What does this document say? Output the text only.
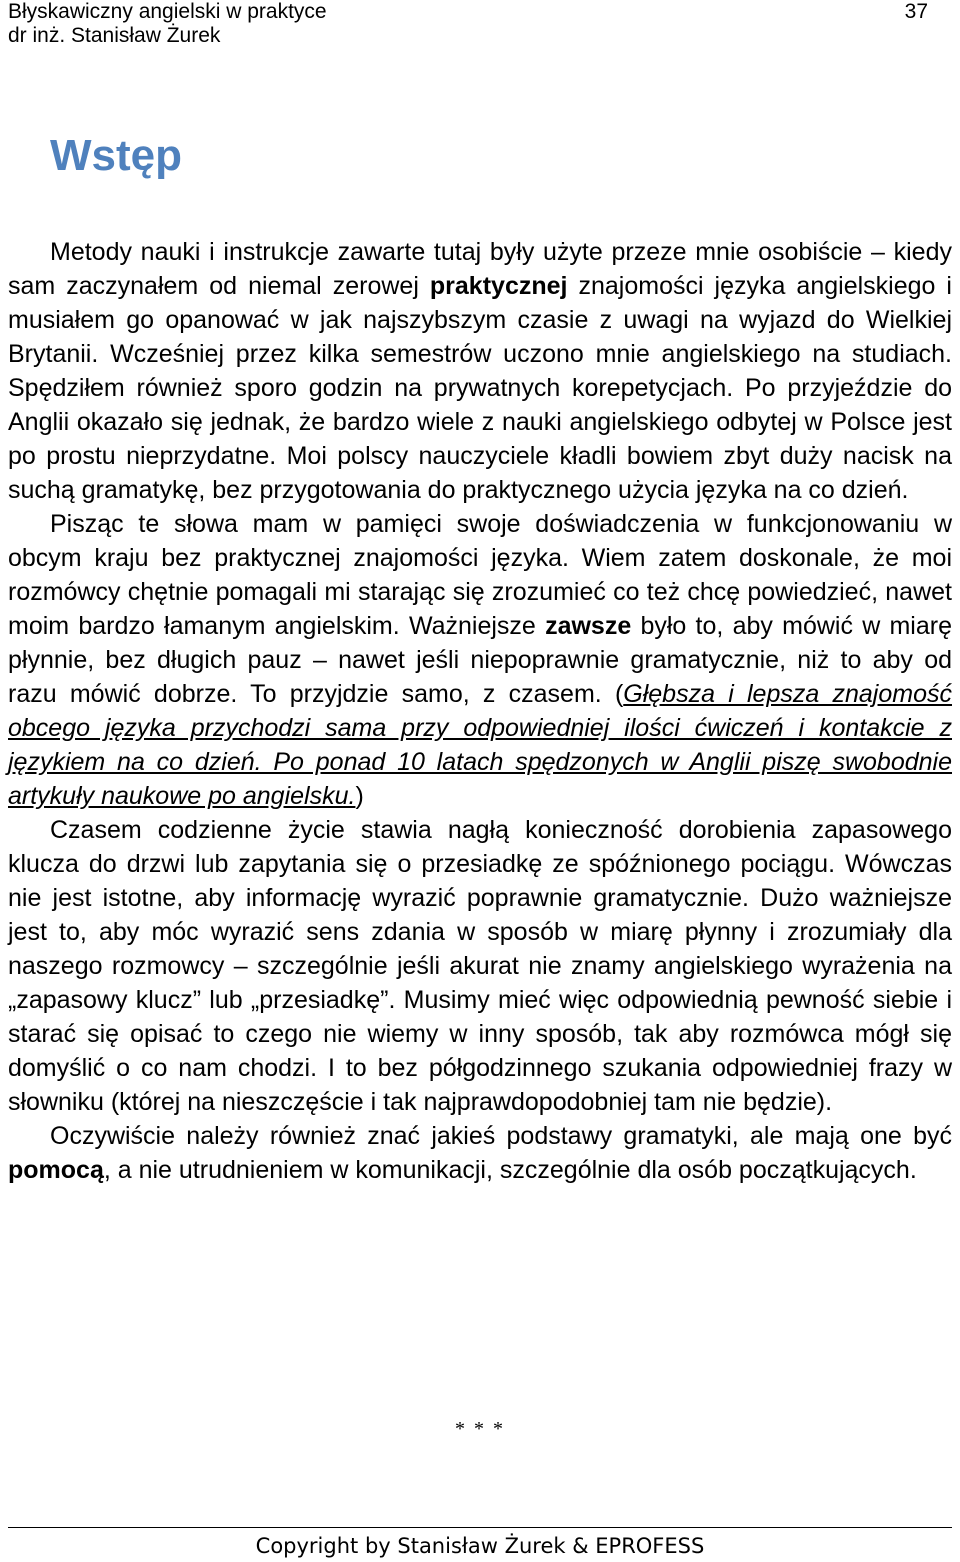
Błyskawiczny angielski w praktyce	37
dr inż. Stanisław Żurek
Wstęp

Metody nauki i instrukcje zawarte tutaj były użyte przeze mnie osobiście – kiedy sam zaczynałem od niemal zerowej praktycznej znajomości języka angielskiego i musiałem go opanować w jak najszybszym czasie z uwagi na wyjazd do Wielkiej Brytanii. Wcześniej przez kilka semestrów uczono mnie angielskiego na studiach. Spędziłem również sporo godzin na prywatnych korepetycjach. Po przyjeździe do Anglii okazało się jednak, że bardzo wiele z nauki angielskiego odbytej w Polsce jest po prostu nieprzydatne. Moi polscy nauczyciele kładli bowiem zbyt duży nacisk na suchą gramatykę, bez przygotowania do praktycznego użycia języka na co dzień.

Pisząc te słowa mam w pamięci swoje doświadczenia w funkcjonowaniu w obcym kraju bez praktycznej znajomości języka. Wiem zatem doskonale, że moi rozmówcy chętnie pomagali mi starając się zrozumieć co też chcę powiedzieć, nawet moim bardzo łamanym angielskim. Ważniejsze zawsze było to, aby mówić w miarę płynnie, bez długich pauz – nawet jeśli niepoprawnie gramatycznie, niż to aby od razu mówić dobrze. To przyjdzie samo, z czasem. (Głębsza i lepsza znajomość obcego języka przychodzi sama przy odpowiedniej ilości ćwiczeń i kontakcie z językiem na co dzień. Po ponad 10 latach spędzonych w Anglii piszę swobodnie artykuły naukowe po angielsku.)

Czasem codzienne życie stawia nagłą konieczność dorobienia zapasowego klucza do drzwi lub zapytania się o przesiadkę ze spóźnionego pociągu. Wówczas nie jest istotne, aby informację wyrazić poprawnie gramatycznie. Dużo ważniejsze jest to, aby móc wyrazić sens zdania w sposób w miarę płynny i zrozumiały dla naszego rozmowcy – szczególnie jeśli akurat nie znamy angielskiego wyrażenia na „zapasowy klucz” lub „przesiadkę”. Musimy mieć więc odpowiednią pewność siebie i starać się opisać to czego nie wiemy w inny sposób, tak aby rozmówca mógł się domyślić o co nam chodzi. I to bez półgodzinnego szukania odpowiedniej frazy w słowniku (której na nieszczęście i tak najprawdopodobniej tam nie będzie).

Oczywiście należy również znać jakieś podstawy gramatyki, ale mają one być pomocą, a nie utrudnieniem w komunikacji, szczególnie dla osób początkujących.

* * *
Copyright by Stanisław Żurek & EPROFESS
